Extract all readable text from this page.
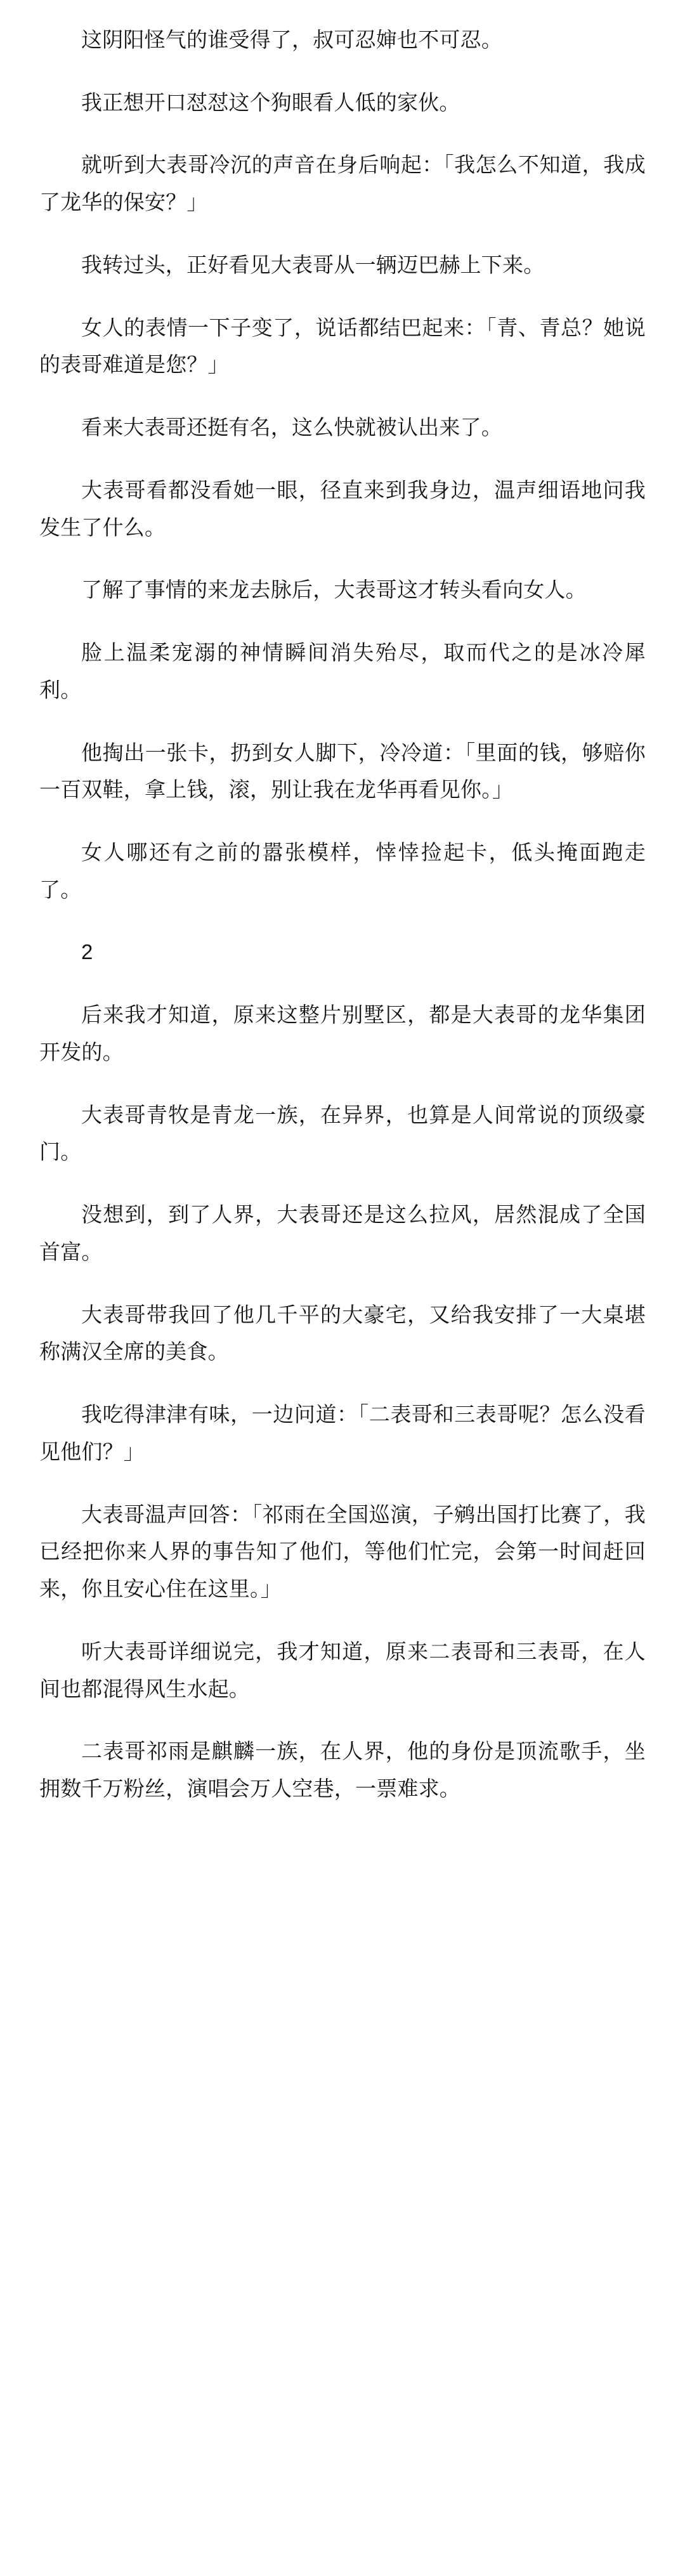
这阴阳怪气的谁受得了，叔可忍婶也不可忍。
我正想开口怼怼这个狗眼看人低的家伙。
就听到大表哥冷沉的声音在身后响起：「我怎么不知道，我成了龙华的保安？」
我转过头，正好看见大表哥从一辆迈巴赫上下来。
女人的表情一下子变了，说话都结巴起来：「青、青总？她说的表哥难道是您？」
看来大表哥还挺有名，这么快就被认出来了。
大表哥看都没看她一眼，径直来到我身边，温声细语地问我发生了什么。
了解了事情的来龙去脉后，大表哥这才转头看向女人。
脸上温柔宠溺的神情瞬间消失殆尽，取而代之的是冰冷犀利。
他掏出一张卡，扔到女人脚下，冷冷道：「里面的钱，够赔你一百双鞋，拿上钱，滚，别让我在龙华再看见你。」
女人哪还有之前的嚣张模样，悻悻捡起卡，低头掩面跑走了。
2
后来我才知道，原来这整片别墅区，都是大表哥的龙华集团开发的。
大表哥青牧是青龙一族，在异界，也算是人间常说的顶级豪门。
没想到，到了人界，大表哥还是这么拉风，居然混成了全国首富。
大表哥带我回了他几千平的大豪宅，又给我安排了一大桌堪称满汉全席的美食。
我吃得津津有味，一边问道：「二表哥和三表哥呢？怎么没看见他们？」
大表哥温声回答：「祁雨在全国巡演，子鹓出国打比赛了，我已经把你来人界的事告知了他们，等他们忙完，会第一时间赶回来，你且安心住在这里。」
听大表哥详细说完，我才知道，原来二表哥和三表哥，在人间也都混得风生水起。
二表哥祁雨是麒麟一族，在人界，他的身份是顶流歌手，坐拥数千万粉丝，演唱会万人空巷，一票难求。
